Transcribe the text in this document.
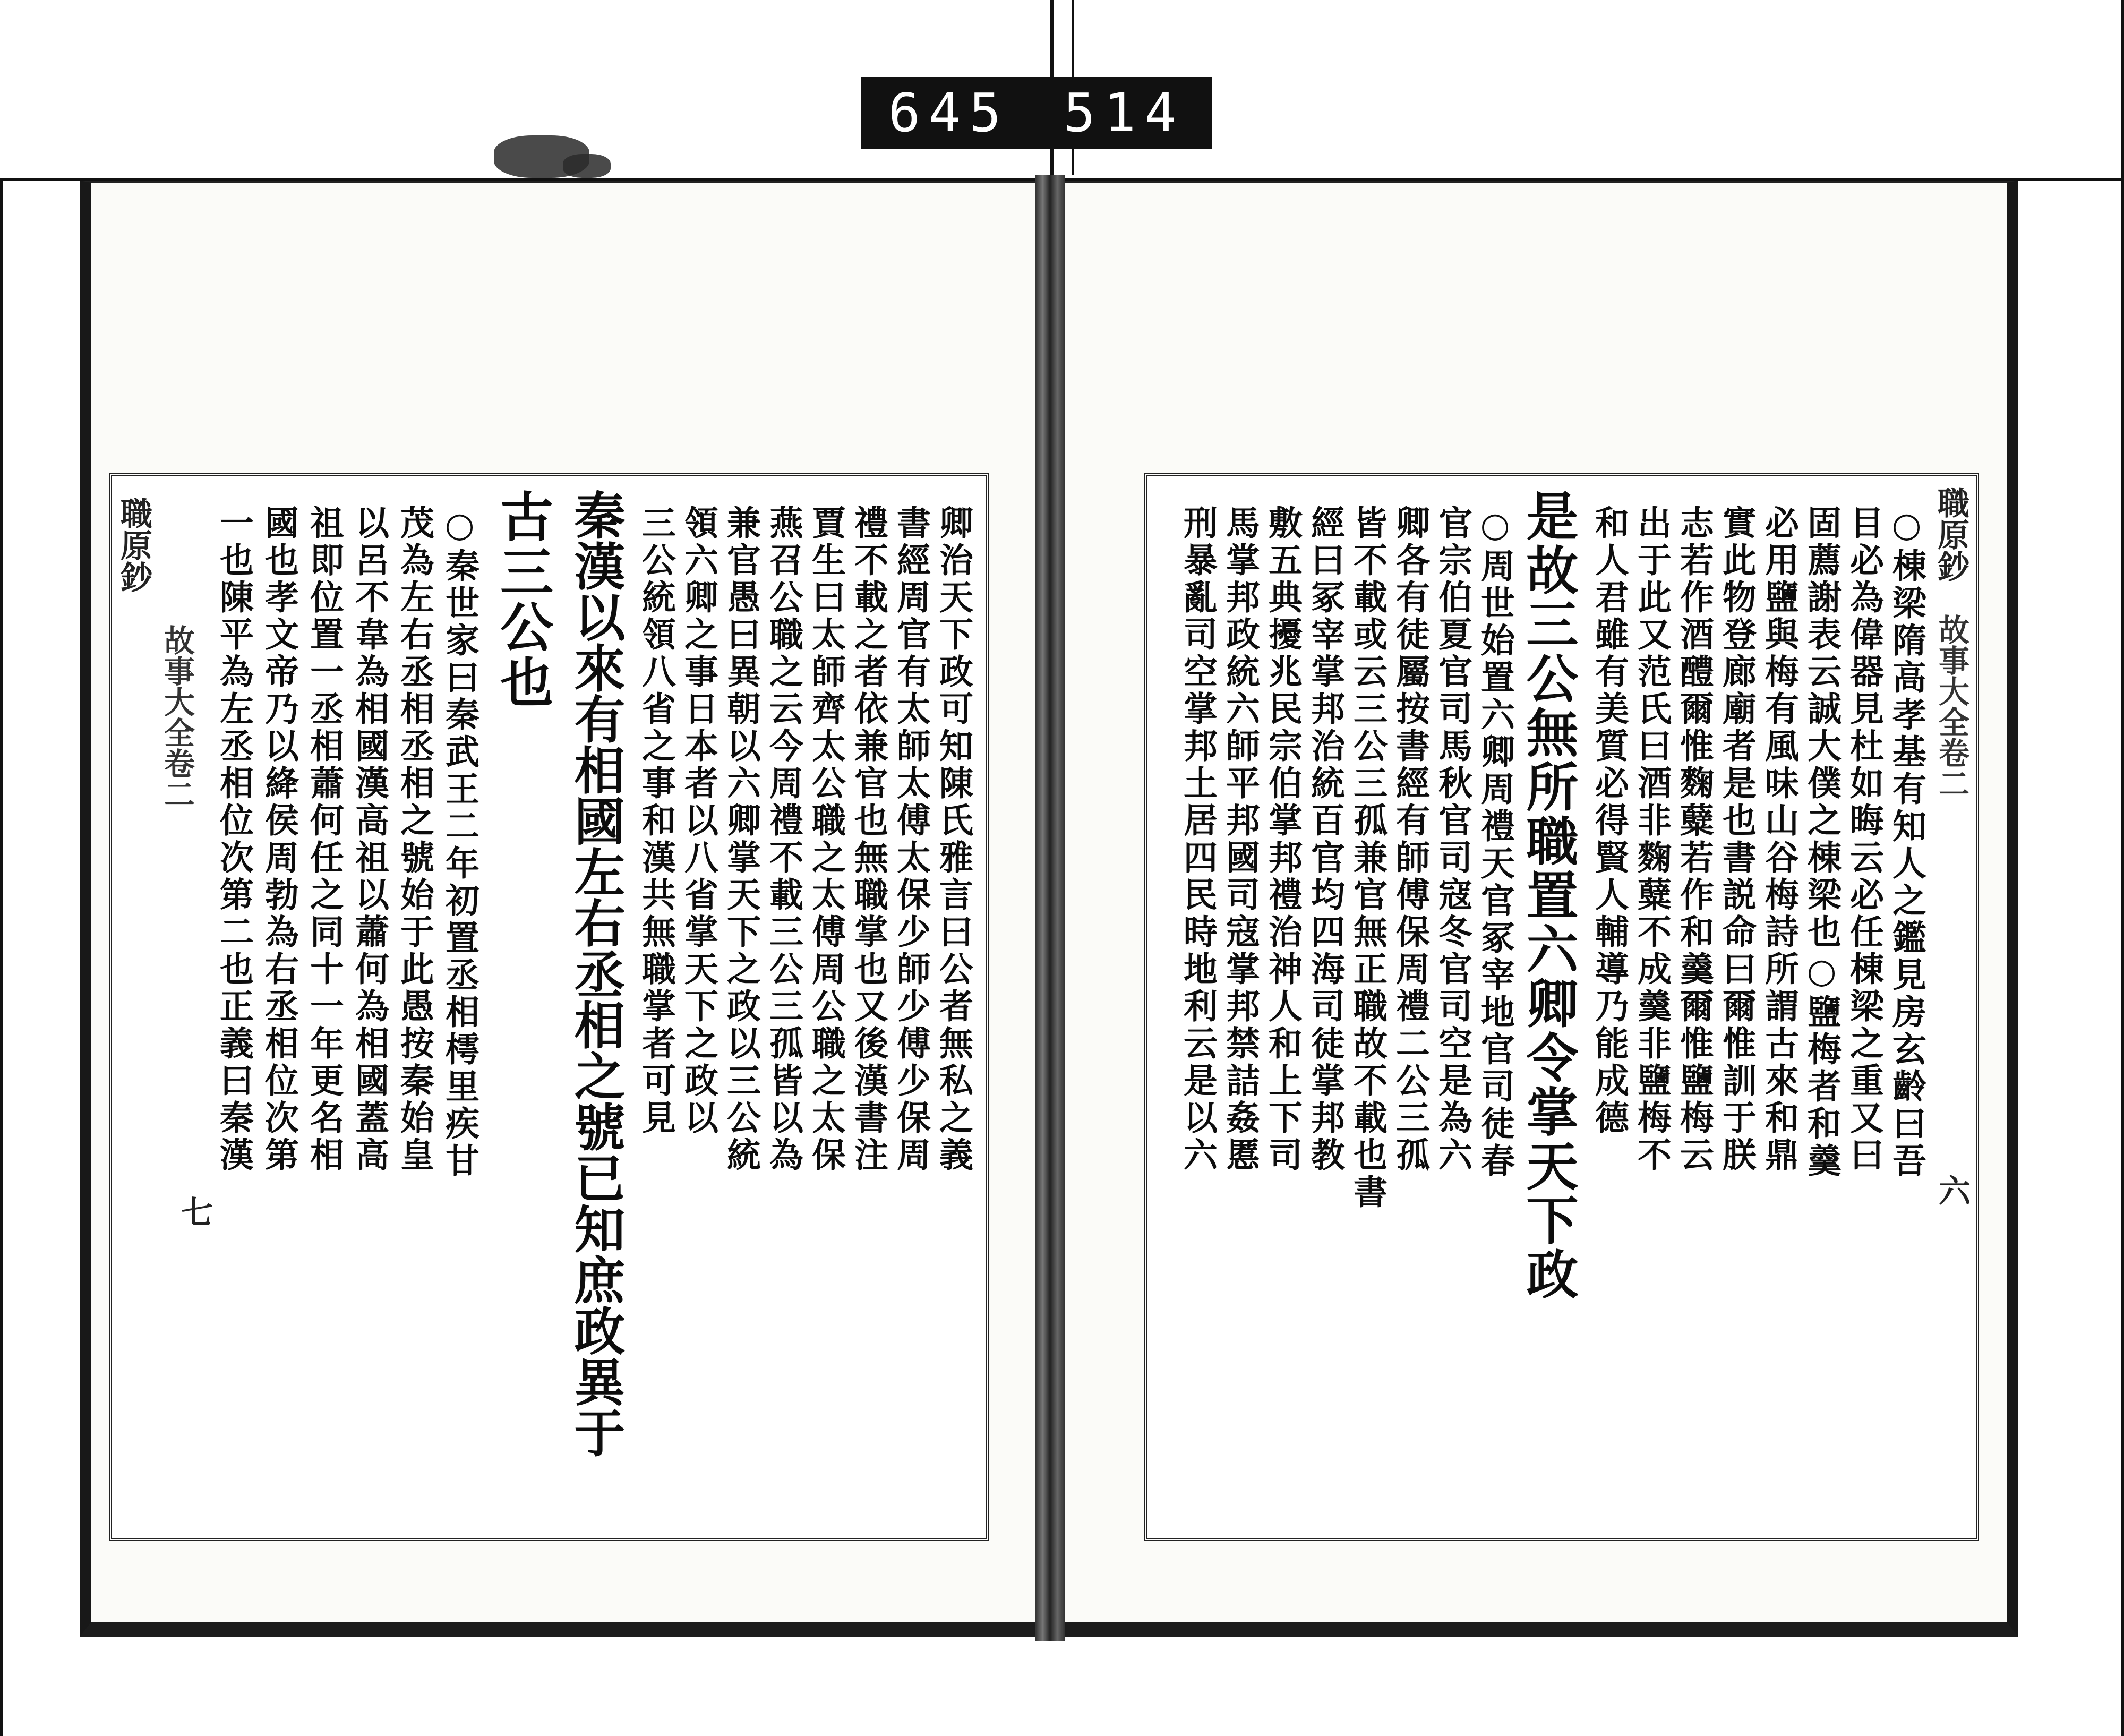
645 514
卿治天下政可知陳氏雅言曰公者無私之義
書經周官有太師太傅太保少師少傅少保周
禮不載之者依兼官也無職掌也又後漢書注
賈生曰太師齊太公職之太傅周公職之太保
燕召公職之云今周禮不載三公三孤皆以為
兼官愚曰異朝以六卿掌天下之政以三公統
領六卿之事日本者以八省掌天下之政以
三公統領八省之事和漢共無職掌者可見
秦漢以來有相國左右丞相之號已知庶政異于
古三公也
○秦世家曰秦武王二年初置丞相樗里疾甘
茂為左右丞相丞相之號始于此愚按秦始皇
以呂不韋為相國漢高祖以蕭何為相國蓋高
祖即位置一丞相蕭何任之同十一年更名相
國也孝文帝乃以絳侯周勃為右丞相位次第
一也陳平為左丞相位次第二也正義曰秦漢
職原鈔
故事大全卷二
七
職原鈔
故事大全卷二
六
○棟梁隋高孝基有知人之鑑見房玄齡曰吾
目必為偉器見杜如晦云必任棟梁之重又曰
固薦謝表云誠大僕之棟梁也○鹽梅者和羹
必用鹽與梅有風味山谷梅詩所謂古來和鼎
實此物登廊廟者是也書説命曰爾惟訓于朕
志若作酒醴爾惟麴糵若作和羹爾惟鹽梅云
出于此又范氏曰酒非麴糵不成羹非鹽梅不
和人君雖有美質必得賢人輔導乃能成德
是故三公無所職置六卿令掌天下政
○周世始置六卿周禮天官冢宰地官司徒春
官宗伯夏官司馬秋官司寇冬官司空是為六
卿各有徒屬按書經有師傅保周禮二公三孤
皆不載或云三公三孤兼官無正職故不載也書
經曰冢宰掌邦治統百官均四海司徒掌邦教
敷五典擾兆民宗伯掌邦禮治神人和上下司
馬掌邦政統六師平邦國司寇掌邦禁詰姦慝
刑暴亂司空掌邦土居四民時地利云是以六
